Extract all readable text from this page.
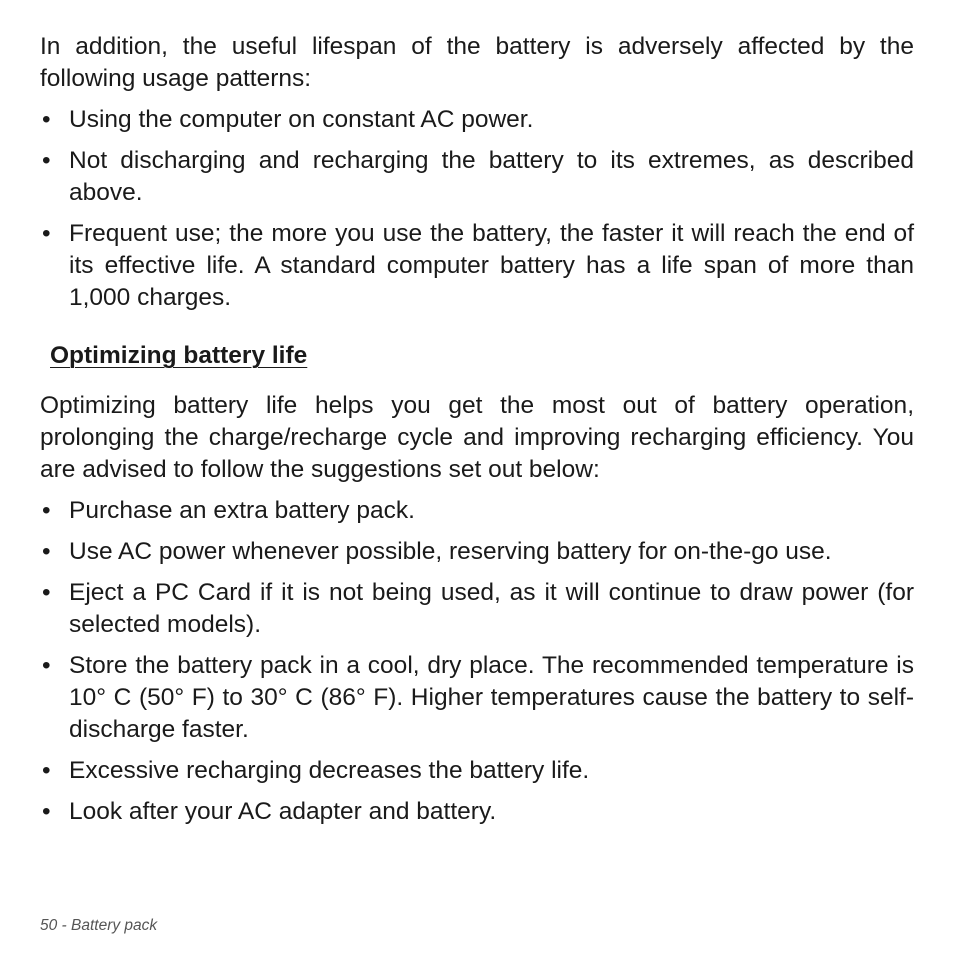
In addition, the useful lifespan of the battery is adversely affected by the following usage patterns:

• Using the computer on constant AC power.
• Not discharging and recharging the battery to its extremes, as described above.
• Frequent use; the more you use the battery, the faster it will reach the end of its effective life. A standard computer battery has a life span of more than 1,000 charges.
Optimizing battery life

Optimizing battery life helps you get the most out of battery operation, prolonging the charge/recharge cycle and improving recharging efficiency. You are advised to follow the suggestions set out below:

• Purchase an extra battery pack.
• Use AC power whenever possible, reserving battery for on-the-go use.
• Eject a PC Card if it is not being used, as it will continue to draw power (for selected models).
• Store the battery pack in a cool, dry place. The recommended temperature is 10° C (50° F) to 30° C (86° F). Higher temperatures cause the battery to self-discharge faster.
• Excessive recharging decreases the battery life.
• Look after your AC adapter and battery.
50 - Battery pack
